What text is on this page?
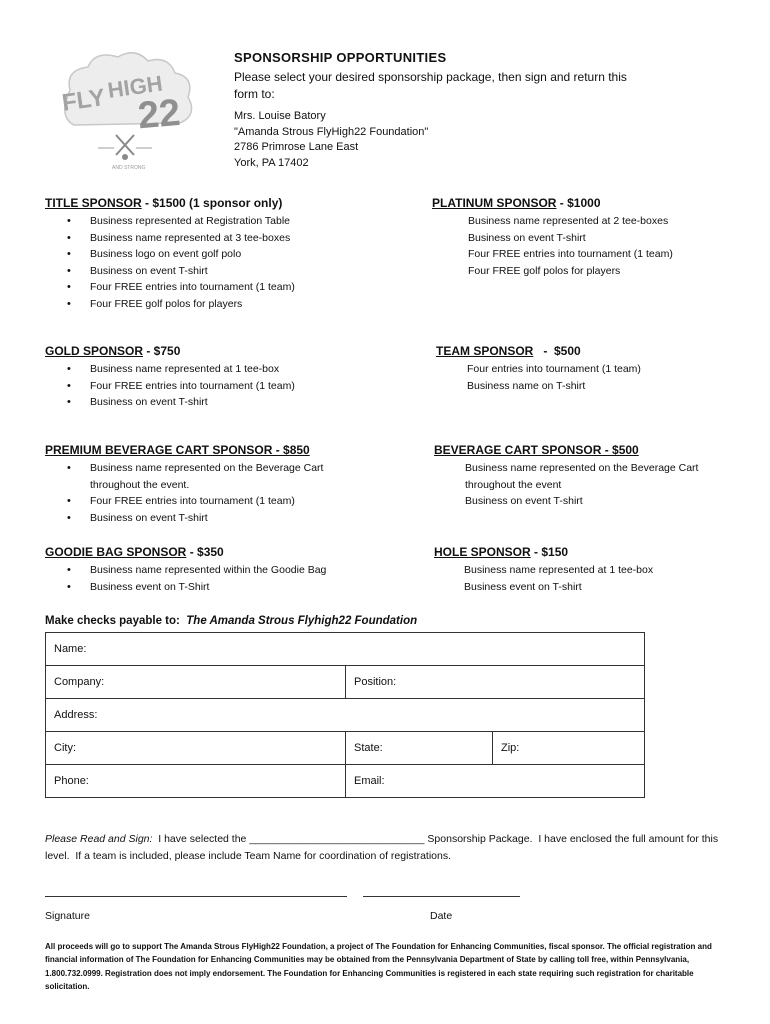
FLY HIGH
22
AND STRONG
SPONSORSHIP OPPORTUNITIES
Please select your desired sponsorship package, then sign and return this form to:
Mrs. Louise Batory
"Amanda Strous FlyHigh22 Foundation"
2786 Primrose Lane East
York, PA 17402
TITLE SPONSOR - $1500 (1 sponsor only)
• Business represented at Registration Table
• Business name represented at 3 tee-boxes
• Business logo on event golf polo
• Business on event T-shirt
• Four FREE entries into tournament (1 team)
• Four FREE golf polos for players
PLATINUM SPONSOR - $1000
Business name represented at 2 tee-boxes
Business on event T-shirt
Four FREE entries into tournament (1 team)
Four FREE golf polos for players
GOLD SPONSOR - $750
• Business name represented at 1 tee-box
• Four FREE entries into tournament (1 team)
• Business on event T-shirt
TEAM SPONSOR   -  $500
Four entries into tournament (1 team)
Business name on T-shirt
PREMIUM BEVERAGE CART SPONSOR - $850
• Business name represented on the Beverage Cart throughout the event.
• Four FREE entries into tournament (1 team)
• Business on event T-shirt
BEVERAGE CART SPONSOR - $500
Business name represented on the Beverage Cart throughout the event
Business on event T-shirt
GOODIE BAG SPONSOR - $350
• Business name represented within the Goodie Bag
• Business event on T-Shirt
HOLE SPONSOR - $150
Business name represented at 1 tee-box
Business event on T-shirt
Make checks payable to:  The Amanda Strous Flyhigh22 Foundation
Name:
Company:	Position:
Address:
City:	State:	Zip:
Phone:	Email:
Please Read and Sign:  I have selected the ______________________________ Sponsorship Package.  I have enclosed the full amount for this level.  If a team is included, please include Team Name for coordination of registrations.
Signature	Date
All proceeds will go to support The Amanda Strous FlyHigh22 Foundation, a project of The Foundation for Enhancing Communities, fiscal sponsor. The official registration and financial information of The Foundation for Enhancing Communities may be obtained from the Pennsylvania Department of State by calling toll free, within Pennsylvania, 1.800.732.0999. Registration does not imply endorsement. The Foundation for Enhancing Communities is registered in each state requiring such registration for charitable solicitation.
